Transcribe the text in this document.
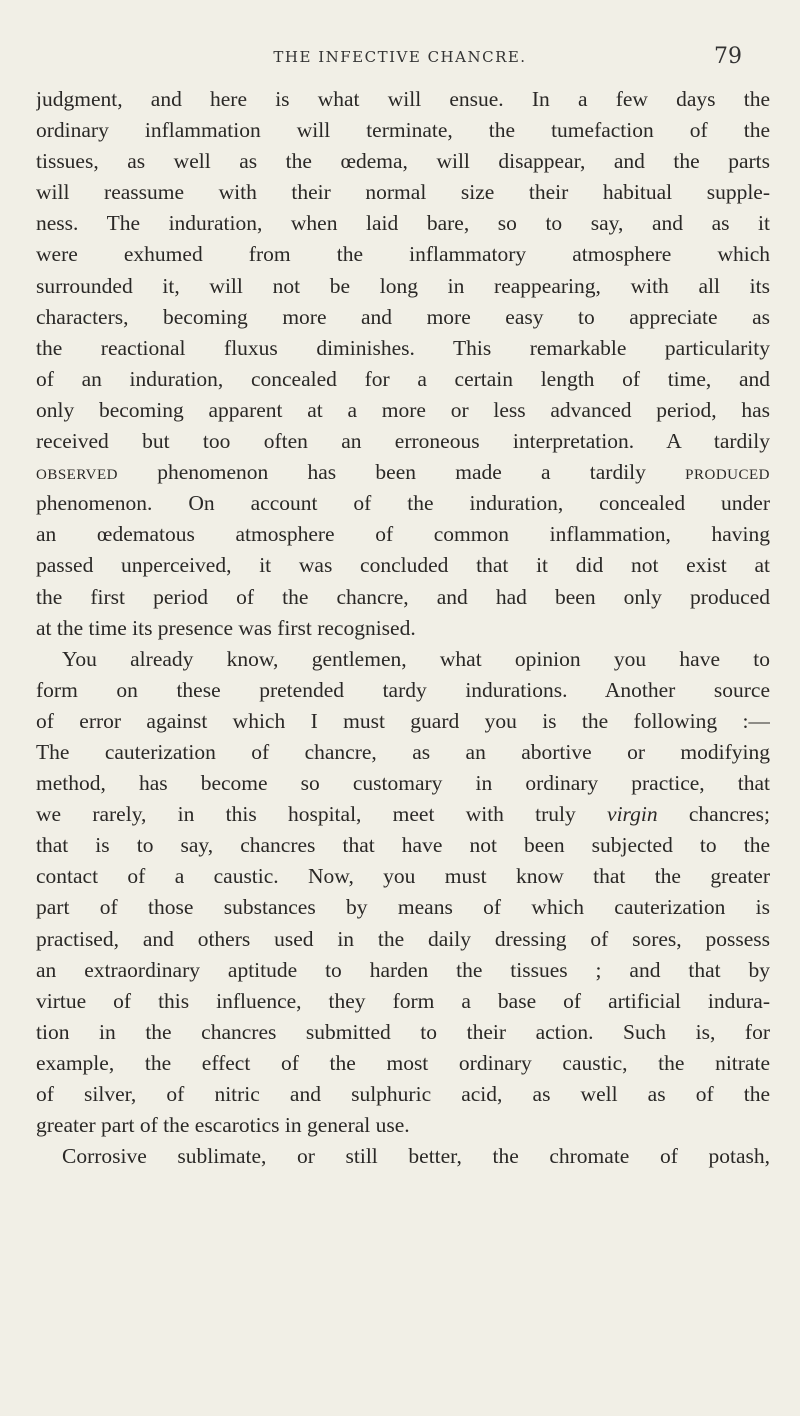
THE INFECTIVE CHANCRE.	79
judgment, and here is what will ensue. In a few days the
ordinary inflammation will terminate, the tumefaction of the
tissues, as well as the œdema, will disappear, and the parts
will reassume with their normal size their habitual supple-
ness. The induration, when laid bare, so to say, and as it
were exhumed from the inflammatory atmosphere which
surrounded it, will not be long in reappearing, with all its
characters, becoming more and more easy to appreciate as
the reactional fluxus diminishes. This remarkable particularity
of an induration, concealed for a certain length of time, and
only becoming apparent at a more or less advanced period, has
received but too often an erroneous interpretation. A tardily
observed phenomenon has been made a tardily produced
phenomenon. On account of the induration, concealed under
an œdematous atmosphere of common inflammation, having
passed unperceived, it was concluded that it did not exist at
the first period of the chancre, and had been only produced
at the time its presence was first recognised.
You already know, gentlemen, what opinion you have to
form on these pretended tardy indurations. Another source
of error against which I must guard you is the following :—
The cauterization of chancre, as an abortive or modifying
method, has become so customary in ordinary practice, that
we rarely, in this hospital, meet with truly virgin chancres;
that is to say, chancres that have not been subjected to the
contact of a caustic. Now, you must know that the greater
part of those substances by means of which cauterization is
practised, and others used in the daily dressing of sores, possess
an extraordinary aptitude to harden the tissues ; and that by
virtue of this influence, they form a base of artificial indura-
tion in the chancres submitted to their action. Such is, for
example, the effect of the most ordinary caustic, the nitrate
of silver, of nitric and sulphuric acid, as well as of the
greater part of the escarotics in general use.
Corrosive sublimate, or still better, the chromate of potash,
